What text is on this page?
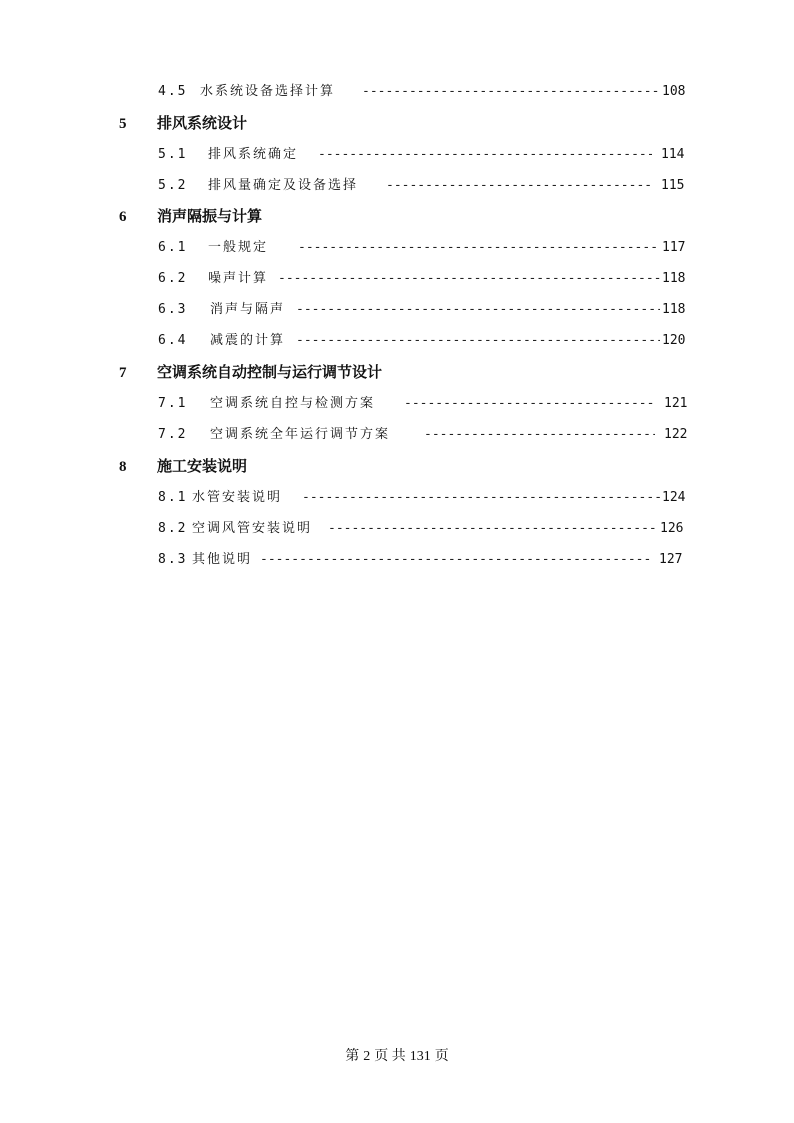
4.5 水系统设备选择计算 -----	108
5 排风系统设计
5.1 排风系统确定 -----	114
5.2 排风量确定及设备选择 -----	115
6 消声隔振与计算
6.1 一般规定 -----	117
6.2 噪声计算 -----	118
6.3 消声与隔声 -----	118
6.4 减震的计算 -----	120
7 空调系统自动控制与运行调节设计
7.1 空调系统自控与检测方案 -----	121
7.2 空调系统全年运行调节方案 -----	122
8 施工安装说明
8.1 水管安装说明 -----	124
8.2 空调风管安装说明 -----	126
8.3 其他说明 -----	127
第 2 页 共 131 页
